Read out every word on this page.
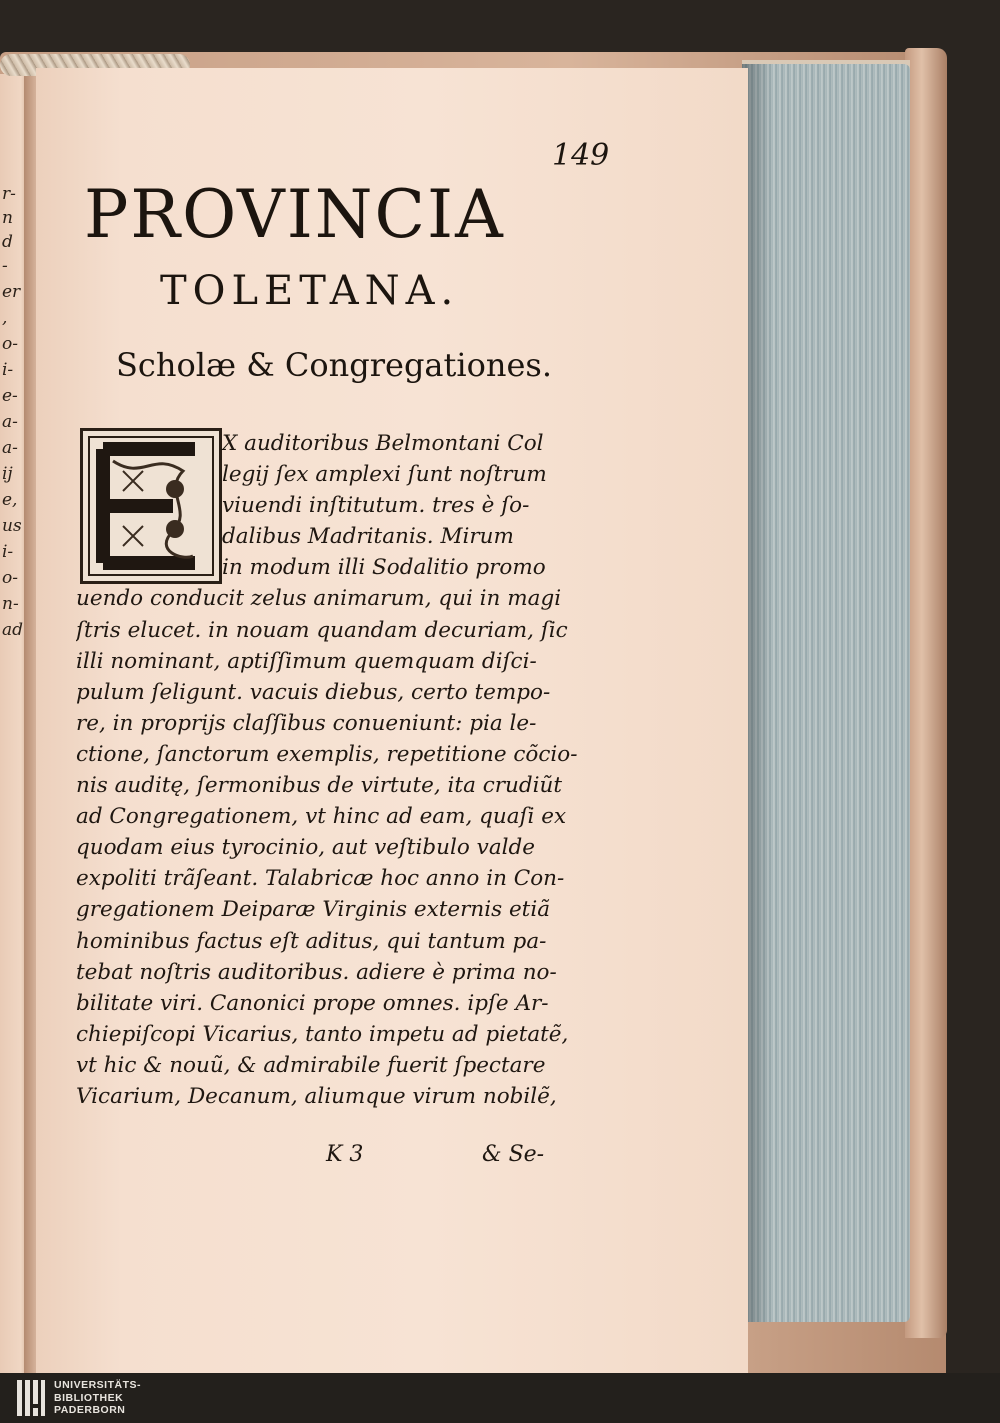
r-
n
d
-
er
,
o-
i-
e-
a-
a-
ij
e,
us
i-
o-
n-
ad

149

PROVINCIA
TOLETANA.
Scholæ & Congregationes.
X auditoribus Belmontani Col
legij ſex amplexi ſunt noſtrum
viuendi inſtitutum. tres è ſo-
dalibus Madritanis. Mirum
in modum illi Sodalitio promo
uendo conducit zelus animarum, qui in magi
ſtris elucet. in nouam quandam decuriam, ſic
illi nominant, aptiſſimum quemquam diſci-
pulum ſeligunt. vacuis diebus, certo tempo-
re, in proprijs claſſibus conueniunt: pia le-
ctione, ſanctorum exemplis, repetitione cõcio-
nis auditę, ſermonibus de virtute, ita crudiũt
ad Congregationem, vt hinc ad eam, quaſi ex
quodam eius tyrocinio, aut veſtibulo valde
expoliti trãſeant. Talabricæ hoc anno in Con-
gregationem Deiparæ Virginis externis etiã
hominibus factus eſt aditus, qui tantum pa-
tebat noſtris auditoribus. adiere è prima no-
bilitate viri. Canonici prope omnes. ipſe Ar-
chiepiſcopi Vicarius, tanto impetu ad pietatẽ,
vt hic & nouũ, & admirabile fuerit ſpectare
Vicarium, Decanum, aliumque virum nobilẽ,

K 3	& Se-

UNIVERSITÄTS-
BIBLIOTHEK
PADERBORN
